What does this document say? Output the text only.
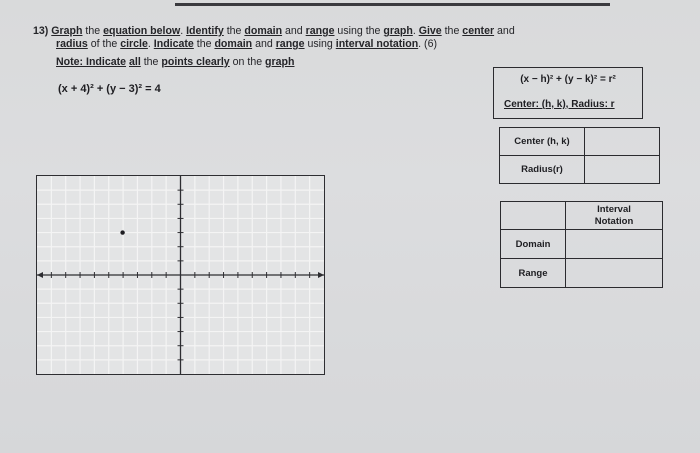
13) Graph the equation below. Identify the domain and range using the graph. Give the center and
radius of the circle. Indicate the domain and range using interval notation. (6)
Note: Indicate all the points clearly on the graph
(x + 4)² + (y − 3)² = 4
(x − h)² + (y − k)² = r²
Center: (h, k), Radius: r
Center (h, k)	
Radius(r)	
	Interval Notation
Domain	
Range	
